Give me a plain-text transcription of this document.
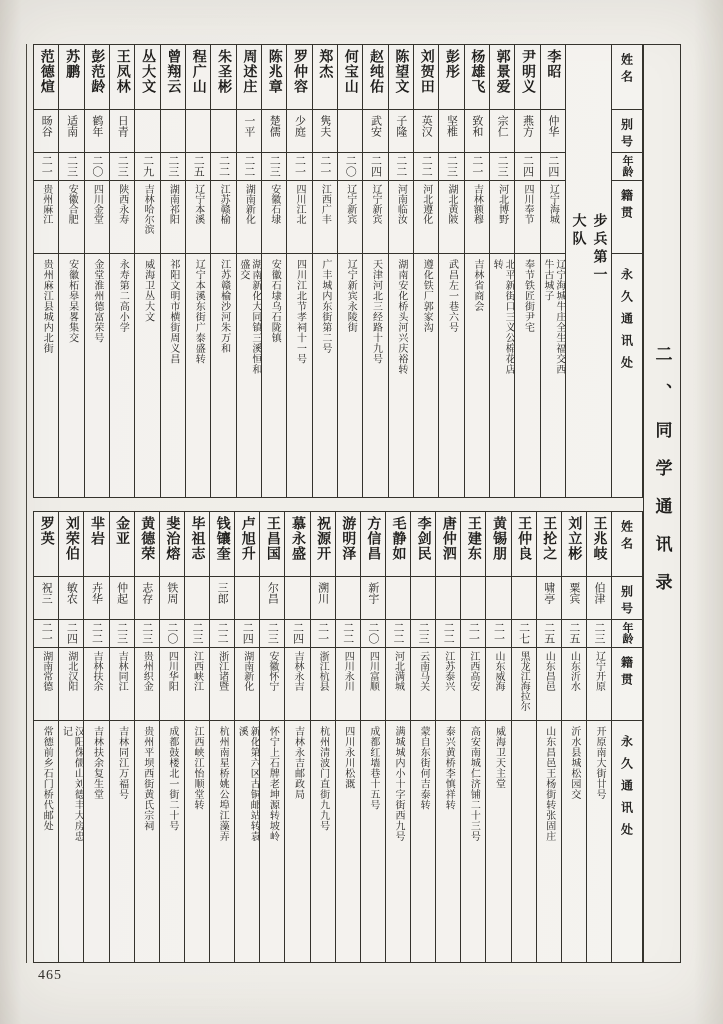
二、同学通讯录
姓名
别号
年龄
籍贯
永久通讯处
步兵第一大队
李昭
仲华
二四
辽宁海城
辽宁海城牛庄全生福交西牛古城子
尹明义
燕方
二四
四川奉节
奉节铁匠街尹宅
郭景爱
宗仁
二三
河北博野
北平新街口三义公棉花店转
杨雄飞
致和
二一
吉林额穆
吉林省商会
彭彤
坚椎
二三
湖北黄陂
武昌左一巷六号
刘贺田
英汉
二二
河北遵化
遵化铁厂郭家沟
陈望文
子隆
二二
河南临汝
湖南安化桥头河兴庆裕转
赵纯佑
武安
二四
辽宁新宾
天津河北三经路十九号
何宝山
二〇
辽宁新宾
辽宁新宾永陵街
郑杰
隽夫
二一
江西广丰
广丰城内东街第二号
罗仲容
少庭
二一
四川江北
四川江北节孝祠十一号
陈兆章
楚儒
二三
安徽石埭
安徽石埭乌石陇镇
周述庄
一平
二二
湖南新化
湖南新化大同镇三溪恒和盛交
朱圣彬
二二
江苏赣榆
江苏赣榆沙河朱万和
程广山
二五
辽宁本溪
辽宁本溪东街广泰盛转
曾翔云
二三
湖南祁阳
祁阳文明市横街周义昌
丛大文
二九
吉林哈尔滨
威海卫丛大文
王凤林
日青
二三
陕西永寿
永寿第二高小学
彭范龄
鹤年
二〇
四川金堂
金堂淮州德富荣号
苏鹏
适南
二三
安徽合肥
安徽柘皋杲畧集交
范德煊
旸谷
二一
贵州麻江
贵州麻江县城内北街
姓名
别号
年龄
籍贯
永久通讯处
王兆岐
伯津
二三
辽宁开原
开原南大街廿号
刘立彬
粟宾
二五
山东沂水
沂水县城松园交
王抡之
啸亭
二五
山东昌邑
山东昌邑王杨街转张固庄
王仲良
二七
黑龙江海拉尔
黄锡朋
二一
山东威海
威海卫天主堂
王建东
二一
江西高安
高安南城仁济铺二十三号
唐仲泗
二二
江苏泰兴
泰兴黄桥李慎祥转
李剑民
二三
云南马关
蒙自东街何吉泰转
毛静如
二二
河北满城
满城城内小十字街西九号
方信昌
新宇
二〇
四川富顺
成都红墙巷十五号
游明泽
二二
四川永川
四川永川松溉
祝源开
溯川
二一
浙江杭县
杭州清波门直街九九号
慕永盛
二四
吉林永吉
吉林永吉邮政局
王昌国
尔昌
二三
安徽怀宁
怀宁上石牌老坤源转坡岭
卢旭升
二四
湖南新化
新化第六区古铜邮站转袁溪
钱镶奎
三郎
二二
浙江诸暨
杭州南星桥姚公埠江藻弄
毕祖志
二三
江西峡江
江西峡江怡顺堂转
斐治熔
铁周
二〇
四川华阳
成都鼓楼北一街二十号
黄德荣
志存
二三
贵州织金
贵州平坝西街黄氏宗祠
金亚
仲起
二三
吉林同江
吉林同江万福号
芈岩
卉华
二二
吉林扶余
吉林扶余复生堂
刘荣伯
敏农
二四
湖北汉阳
汉阳侏儒山刘德丰大房忠记
罗英
祝三
二一
湖南常德
常德前乡石门桥代邮处
465
